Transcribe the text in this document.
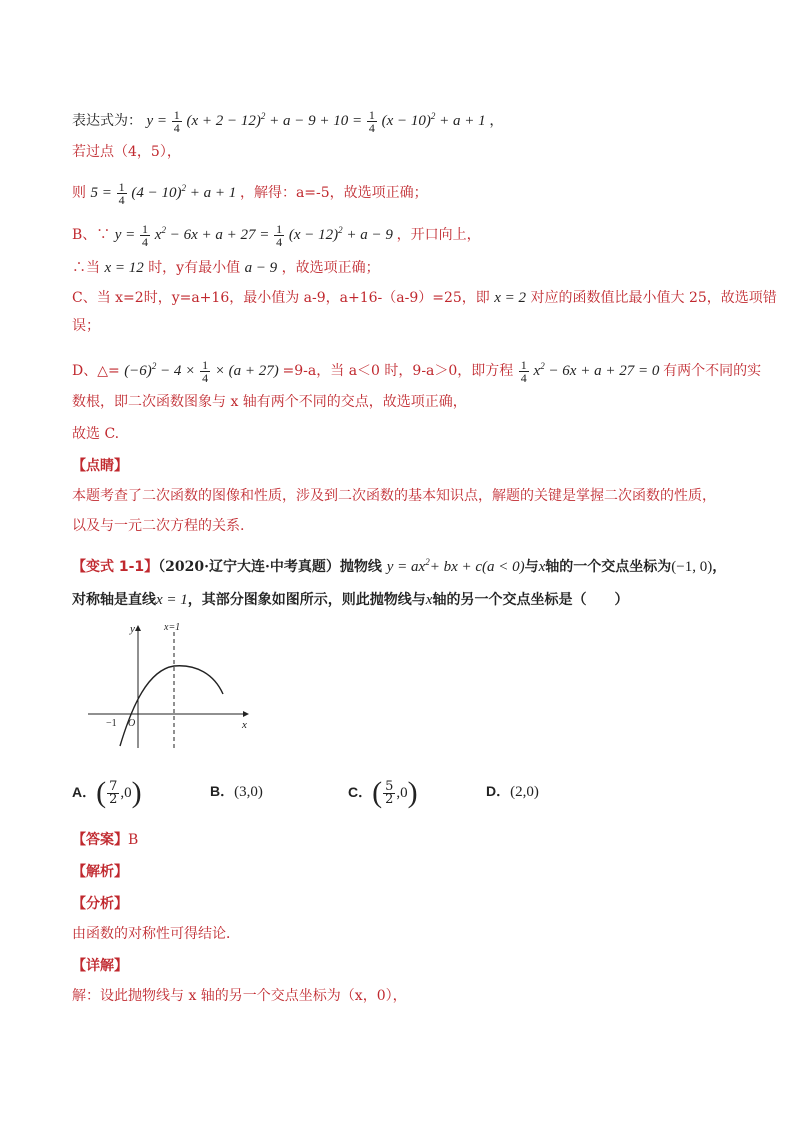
表达式为： $y = \frac{1}{4} (x + 2 - 12)^2 + a - 9 + 10 = \frac{1}{4} (x - 10)^2 + a + 1$ ，
若过点（4，5），
则 $5 = \frac{1}{4} (4 - 10)^2 + a + 1$ ，解得：a=-5，故选项正确；
B、∵ $y = \frac{1}{4} x^2 - 6x + a + 27 = \frac{1}{4} (x - 12)^2 + a - 9$ ，开口向上，
∴当 x = 12 时，y有最小值 a − 9 ，故选项正确；
C、当 x=2时，y=a+16，最小值为 a-9，a+16-（a-9）=25，即 x = 2 对应的函数值比最小值大 25，故选项错
误；
D、△= $(-6)^2 - 4 \times \frac{1}{4} \times (a + 27) =9-a$，当 a＜0 时，9-a＞0，即方程 $\frac{1}{4} x^2 - 6x + a + 27 = 0$ 有两个不同的实
数根，即二次函数图象与 x 轴有两个不同的交点，故选项正确，
故选 C.
【点睛】
本题考查了二次函数的图像和性质，涉及到二次函数的基本知识点，解题的关键是掌握二次函数的性质，
以及与一元二次方程的关系.
【变式 1-1】（2020·辽宁大连·中考真题）抛物线 $y = ax^2+$ bx + c(a < 0)与x轴的一个交点坐标为(−1, 0)，
对称轴是直线x = 1，其部分图象如图所示，则此抛物线与x轴的另一个交点坐标是（　　）
y
x
x=1
−1 O
A．( $\frac{7}{2} ,0$)	B．(3,0)	C．( $\frac{5}{2} ,0$)	D．(2,0)
【答案】B
【解析】
【分析】
由函数的对称性可得结论．
【详解】
解：设此抛物线与 x 轴的另一个交点坐标为（x，0），
